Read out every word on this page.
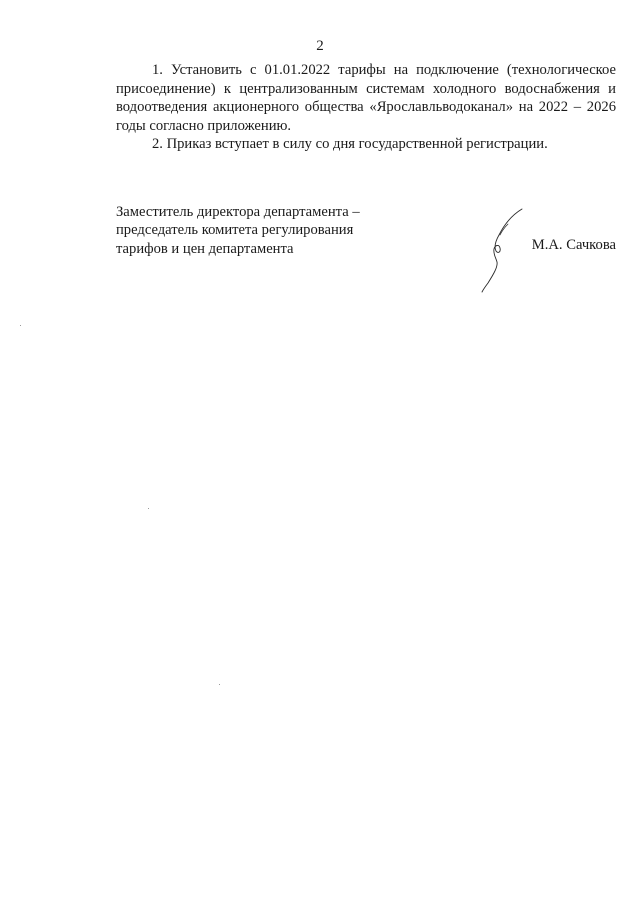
2

1. Установить с 01.01.2022 тарифы на подключение (технологическое присоединение) к централизованным системам холодного водоснабжения и водоотведения акционерного общества «Ярославльводоканал» на 2022 – 2026 годы согласно приложению.

2. Приказ вступает в силу со дня государственной регистрации.

Заместитель директора департамента –
председатель комитета регулирования
тарифов и цен департамента	М.А. Сачкова
